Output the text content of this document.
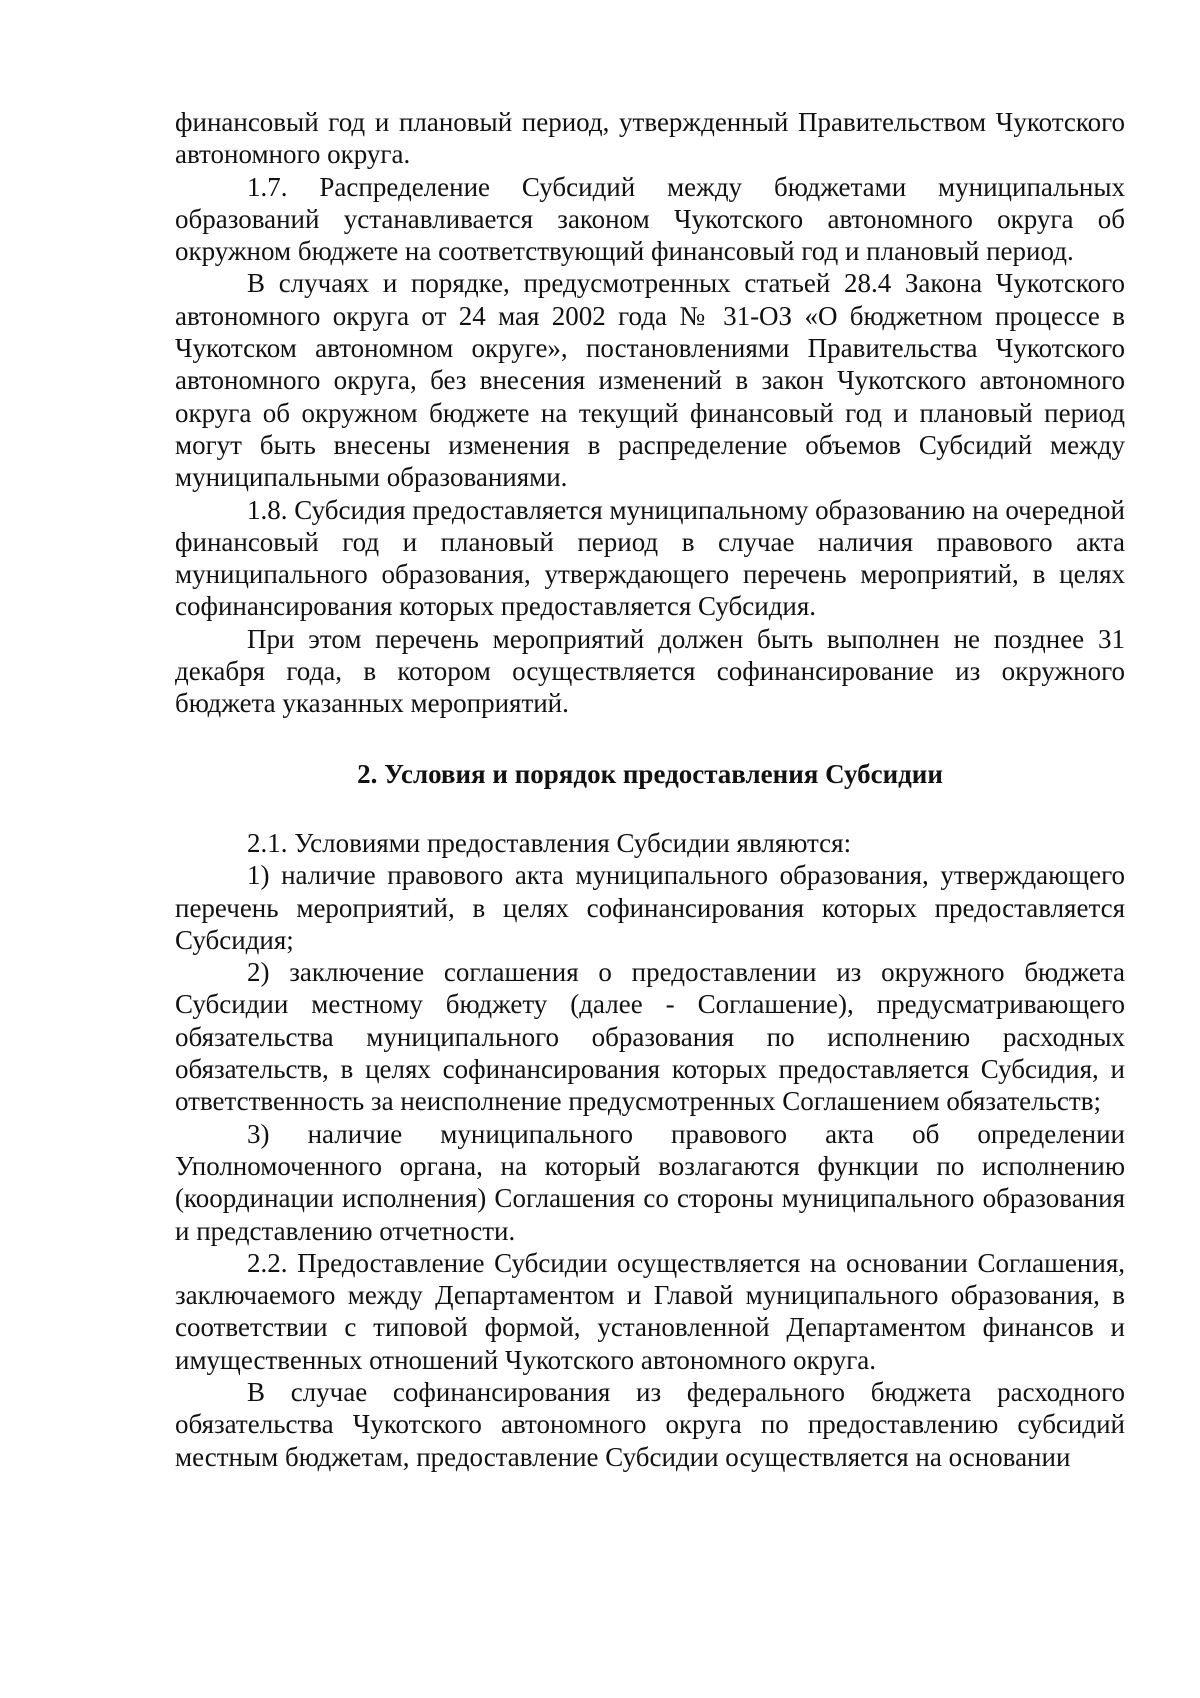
финансовый год и плановый период, утвержденный Правительством Чукотского автономного округа.

1.7. Распределение Субсидий между бюджетами муниципальных образований устанавливается законом Чукотского автономного округа об окружном бюджете на соответствующий финансовый год и плановый период.

В случаях и порядке, предусмотренных статьей 28.4 Закона Чукотского автономного округа от 24 мая 2002 года № 31-ОЗ «О бюджетном процессе в Чукотском автономном округе», постановлениями Правительства Чукотского автономного округа, без внесения изменений в закон Чукотского автономного округа об окружном бюджете на текущий финансовый год и плановый период могут быть внесены изменения в распределение объемов Субсидий между муниципальными образованиями.

1.8. Субсидия предоставляется муниципальному образованию на очередной финансовый год и плановый период в случае наличия правового акта муниципального образования, утверждающего перечень мероприятий, в целях софинансирования которых предоставляется Субсидия.

При этом перечень мероприятий должен быть выполнен не позднее 31 декабря года, в котором осуществляется софинансирование из окружного бюджета указанных мероприятий.

2. Условия и порядок предоставления Субсидии

2.1. Условиями предоставления Субсидии являются:

1) наличие правового акта муниципального образования, утверждающего перечень мероприятий, в целях софинансирования которых предоставляется Субсидия;

2) заключение соглашения о предоставлении из окружного бюджета Субсидии местному бюджету (далее - Соглашение), предусматривающего обязательства муниципального образования по исполнению расходных обязательств, в целях софинансирования которых предоставляется Субсидия, и ответственность за неисполнение предусмотренных Соглашением обязательств;

3) наличие муниципального правового акта об определении Уполномоченного органа, на который возлагаются функции по исполнению (координации исполнения) Соглашения со стороны муниципального образования и представлению отчетности.

2.2. Предоставление Субсидии осуществляется на основании Соглашения, заключаемого между Департаментом и Главой муниципального образования, в соответствии с типовой формой, установленной Департаментом финансов и имущественных отношений Чукотского автономного округа.

В случае софинансирования из федерального бюджета расходного обязательства Чукотского автономного округа по предоставлению субсидий местным бюджетам, предоставление Субсидии осуществляется на основании
